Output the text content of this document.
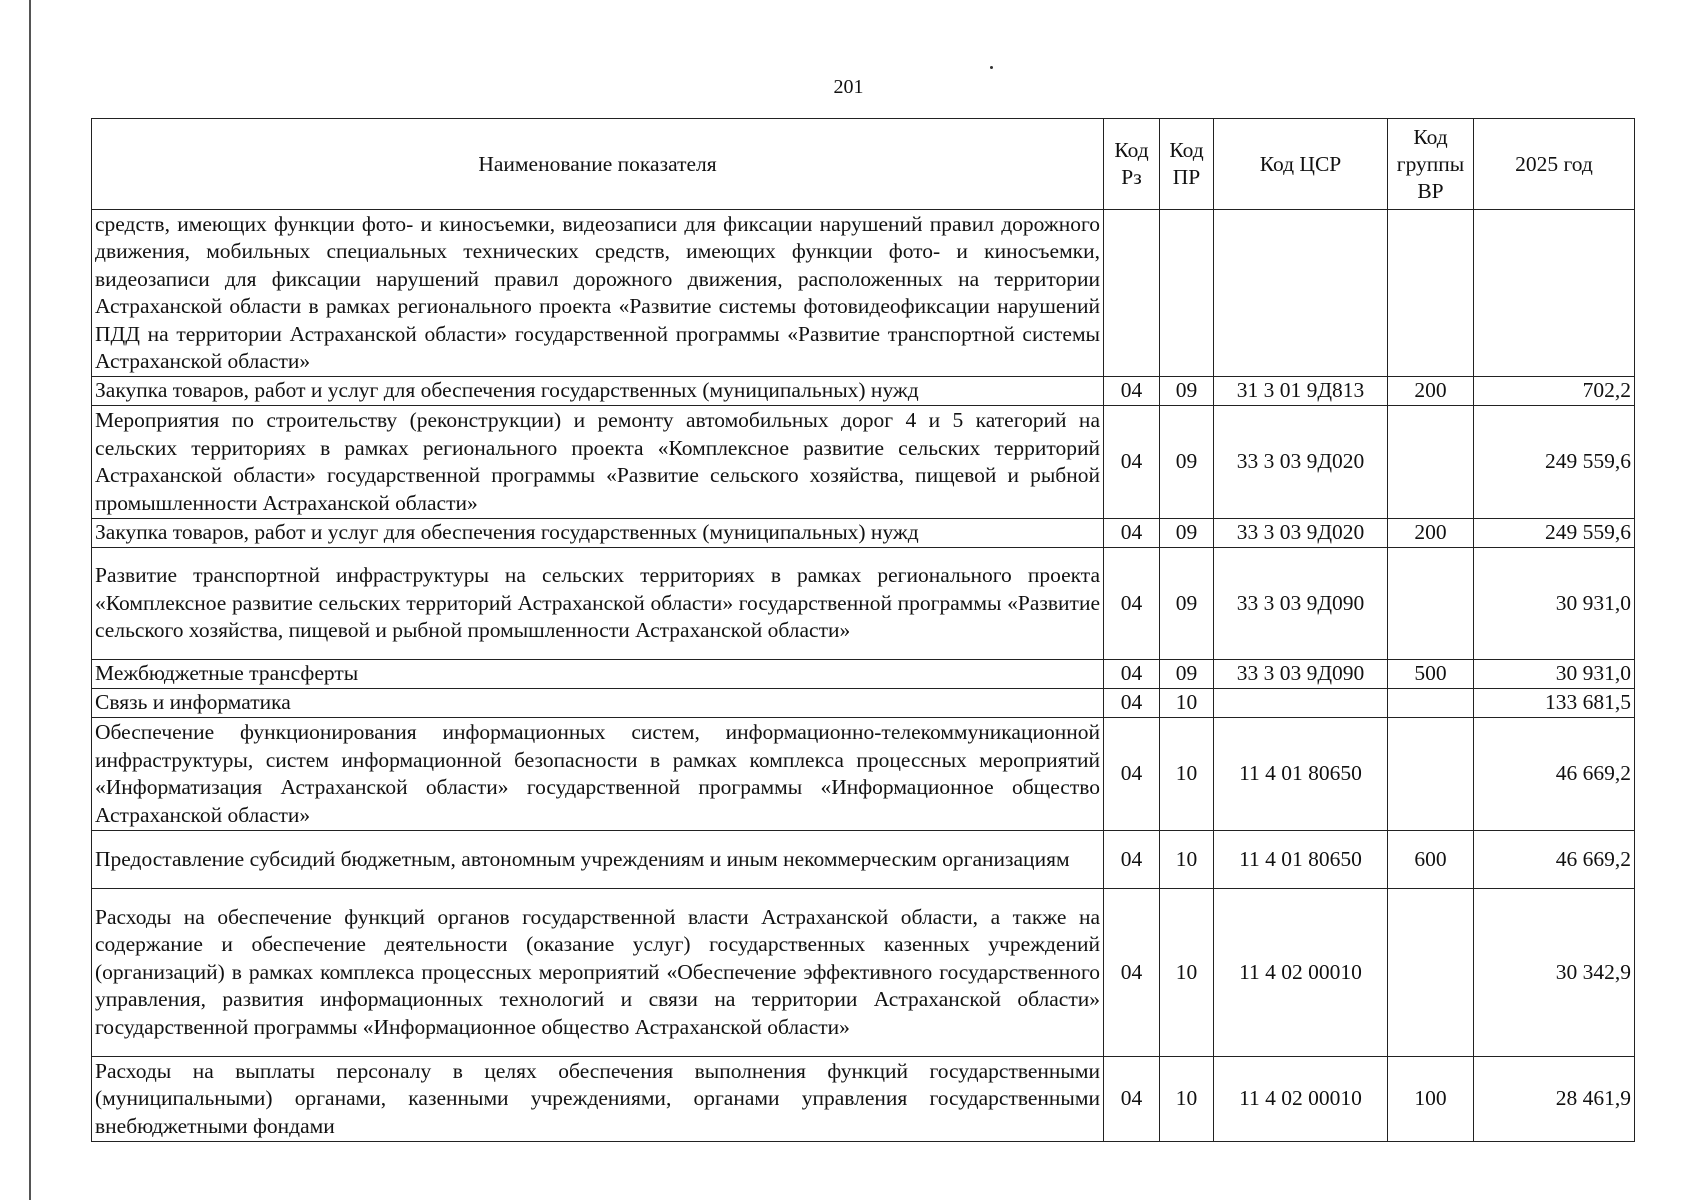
201
Наименование показателя	Код Рз	Код ПР	Код ЦСР	Код группы ВР	2025 год
средств, имеющих функции фото- и киносъемки, видеозаписи для фиксации нарушений правил дорожного движения, мобильных специальных технических средств, имеющих функции фото- и киносъемки, видеозаписи для фиксации нарушений правил дорожного движения, расположенных на территории Астраханской области в рамках регионального проекта «Развитие системы фотовидеофиксации нарушений ПДД на территории Астраханской области» государственной программы «Развитие транспортной системы Астраханской области»					
Закупка товаров, работ и услуг для обеспечения государственных (муниципальных) нужд	04	09	31 3 01 9Д813	200	702,2
Мероприятия по строительству (реконструкции) и ремонту автомобильных дорог 4 и 5 категорий на сельских территориях в рамках регионального проекта «Комплексное развитие сельских территорий Астраханской области» государственной программы «Развитие сельского хозяйства, пищевой и рыбной промышленности Астраханской области»	04	09	33 3 03 9Д020		249 559,6
Закупка товаров, работ и услуг для обеспечения государственных (муниципальных) нужд	04	09	33 3 03 9Д020	200	249 559,6
Развитие транспортной инфраструктуры на сельских территориях в рамках регионального проекта «Комплексное развитие сельских территорий Астраханской области» государственной программы «Развитие сельского хозяйства, пищевой и рыбной промышленности Астраханской области»	04	09	33 3 03 9Д090		30 931,0
Межбюджетные трансферты	04	09	33 3 03 9Д090	500	30 931,0
Связь и информатика	04	10			133 681,5
Обеспечение функционирования информационных систем, информационно-телекоммуникационной инфраструктуры, систем информационной безопасности в рамках комплекса процессных мероприятий «Информатизация Астраханской области» государственной программы «Информационное общество Астраханской области»	04	10	11 4 01 80650		46 669,2
Предоставление субсидий бюджетным, автономным учреждениям и иным некоммерческим организациям	04	10	11 4 01 80650	600	46 669,2
Расходы на обеспечение функций органов государственной власти Астраханской области, а также на содержание и обеспечение деятельности (оказание услуг) государственных казенных учреждений (организаций) в рамках комплекса процессных мероприятий «Обеспечение эффективного государственного управления, развития информационных технологий и связи на территории Астраханской области» государственной программы «Информационное общество Астраханской области»	04	10	11 4 02 00010		30 342,9
Расходы на выплаты персоналу в целях обеспечения выполнения функций государственными (муниципальными) органами, казенными учреждениями, органами управления государственными внебюджетными фондами	04	10	11 4 02 00010	100	28 461,9
